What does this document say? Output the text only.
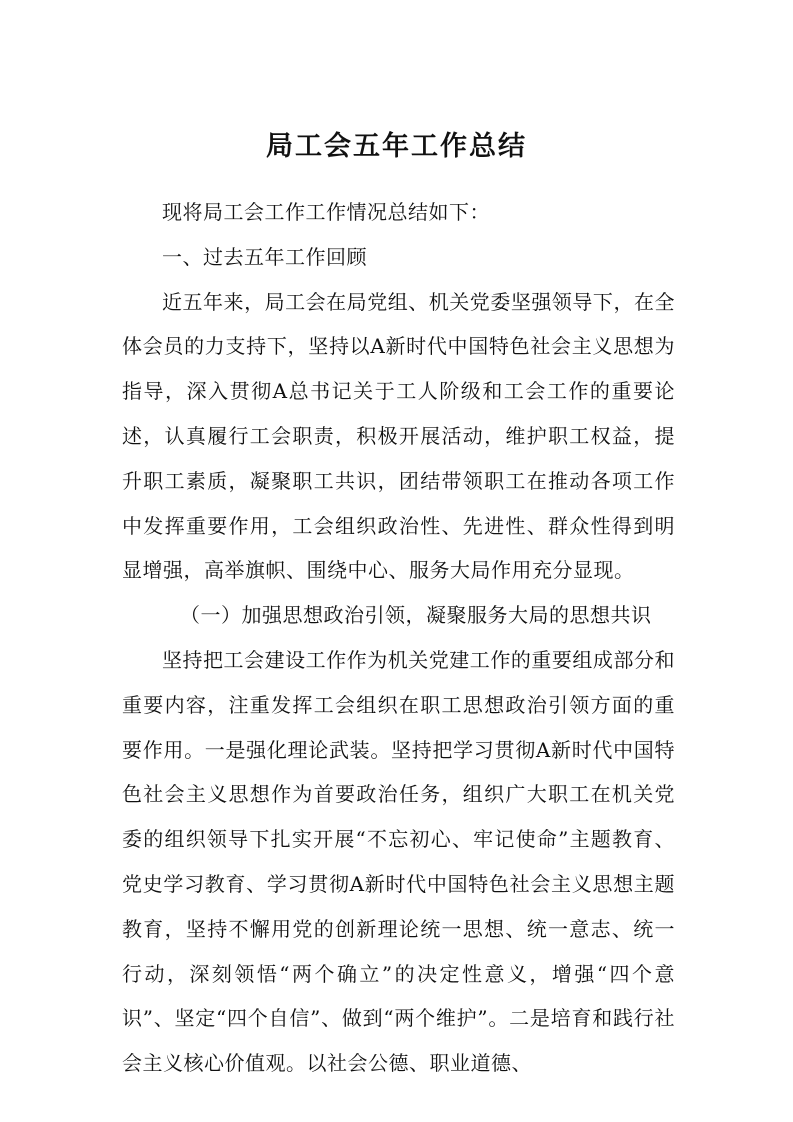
局工会五年工作总结

现将局工会工作工作情况总结如下：

一、过去五年工作回顾

近五年来，局工会在局党组、机关党委坚强领导下，在全体会员的力支持下，坚持以A新时代中国特色社会主义思想为指导，深入贯彻A总书记关于工人阶级和工会工作的重要论述，认真履行工会职责，积极开展活动，维护职工权益，提升职工素质，凝聚职工共识，团结带领职工在推动各项工作中发挥重要作用，工会组织政治性、先进性、群众性得到明显增强，高举旗帜、围绕中心、服务大局作用充分显现。

（一）加强思想政治引领，凝聚服务大局的思想共识

坚持把工会建设工作作为机关党建工作的重要组成部分和重要内容，注重发挥工会组织在职工思想政治引领方面的重要作用。一是强化理论武装。坚持把学习贯彻A新时代中国特色社会主义思想作为首要政治任务，组织广大职工在机关党委的组织领导下扎实开展“不忘初心、牢记使命”主题教育、党史学习教育、学习贯彻A新时代中国特色社会主义思想主题教育，坚持不懈用党的创新理论统一思想、统一意志、统一行动，深刻领悟“两个确立”的决定性意义，增强“四个意识”、坚定“四个自信”、做到“两个维护”。二是培育和践行社会主义核心价值观。以社会公德、职业道德、
